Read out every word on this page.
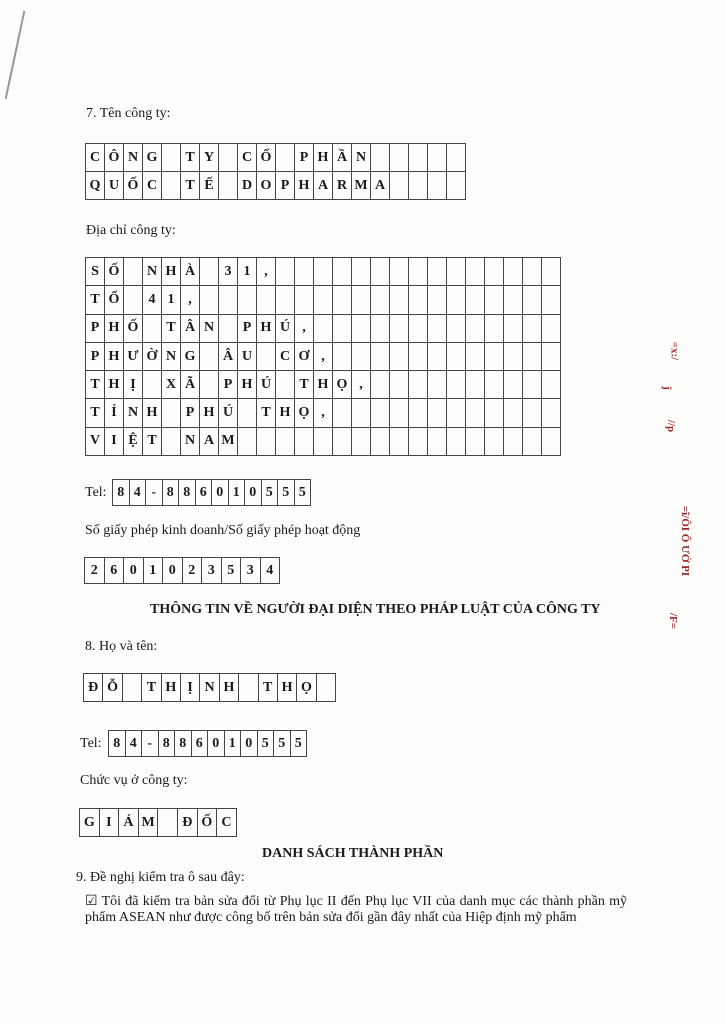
7. Tên công ty:
C	Ô	N	G		T	Y		C	Ổ		P	H	Ầ	N					
Q	U	Ố	C		T	Ế		D	O	P	H	A	R	M	A				
Địa chỉ công ty:
S	Ố		N	H	À		3	1	,															
T	Ổ		4	1	,																			
P	H	Ố		T	Â	N		P	H	Ú	,													
P	H	Ư	Ờ	N	G		Â	U		C	Ơ	,												
T	H	Ị		X	Ã		P	H	Ú		T	H	Ọ	,										
T	Ỉ	N	H		P	H	Ú		T	H	Ọ	,												
V	I	Ệ	T		N	A	M																	
Tel: 8 4 - 8 8 6 0 1 0 5 5 5
Số giấy phép kinh doanh/Số giấy phép hoạt động
2 6 0 1 0 2 3 5 3 4
THÔNG TIN VỀ NGƯỜI ĐẠI DIỆN THEO PHÁP LUẬT CỦA CÔNG TY
8. Họ và tên:
Đ Ỗ	T H Ị N H	T H Ọ
Tel: 8 4 - 8 8 6 0 1 0 5 5 5
Chức vụ ở công ty:
G I Á M	Đ Ố C
DANH SÁCH THÀNH PHẦN
9. Đề nghị kiểm tra ô sau đây:
☑ Tôi đã kiểm tra bản sửa đổi từ Phụ lục II đến Phụ lục VII của danh mục các thành phần mỹ phẩm ASEAN như được công bố trên bản sửa đổi gần đây nhất của Hiệp định mỹ phẩm
=x:/
ĵ
//p
=ĩ/ÔI Ổ ƯỚ PI
/F=
